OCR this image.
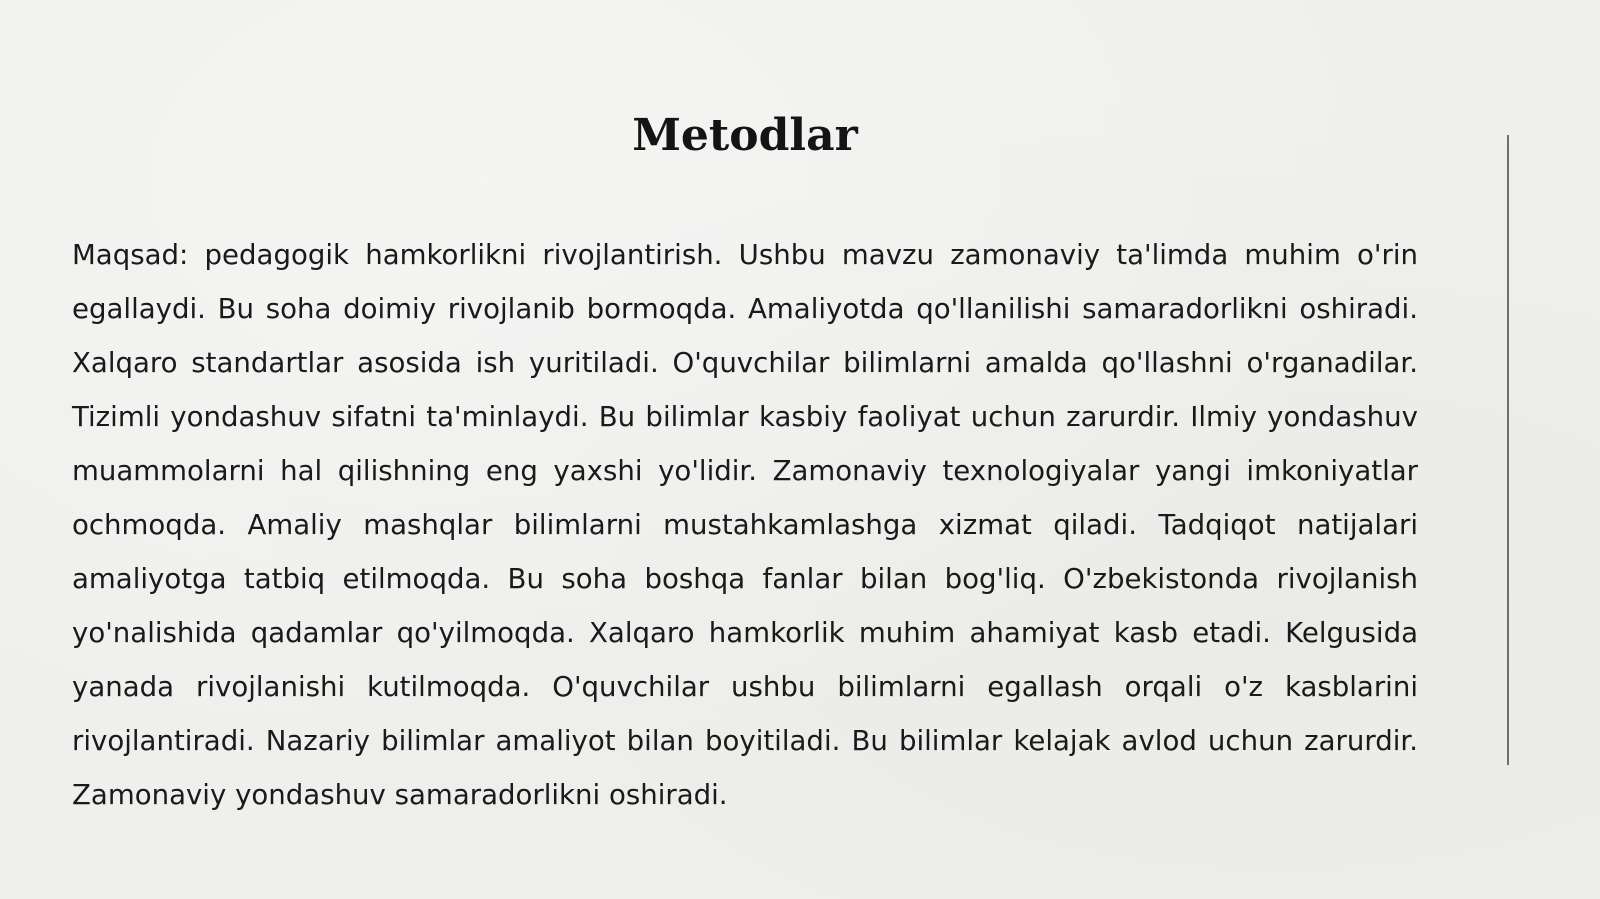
Metodlar

Maqsad: pedagogik hamkorlikni rivojlantirish. Ushbu mavzu zamonaviy ta'limda muhim o'rin egallaydi. Bu soha doimiy rivojlanib bormoqda. Amaliyotda qo'llanilishi samaradorlikni oshiradi. Xalqaro standartlar asosida ish yuritiladi. O'quvchilar bilimlarni amalda qo'llashni o'rganadilar. Tizimli yondashuv sifatni ta'minlaydi. Bu bilimlar kasbiy faoliyat uchun zarurdir. Ilmiy yondashuv muammolarni hal qilishning eng yaxshi yo'lidir. Zamonaviy texnologiyalar yangi imkoniyatlar ochmoqda. Amaliy mashqlar bilimlarni mustahkamlashga xizmat qiladi. Tadqiqot natijalari amaliyotga tatbiq etilmoqda. Bu soha boshqa fanlar bilan bog'liq. O'zbekistonda rivojlanish yo'nalishida qadamlar qo'yilmoqda. Xalqaro hamkorlik muhim ahamiyat kasb etadi. Kelgusida yanada rivojlanishi kutilmoqda. O'quvchilar ushbu bilimlarni egallash orqali o'z kasblarini rivojlantiradi. Nazariy bilimlar amaliyot bilan boyitiladi. Bu bilimlar kelajak avlod uchun zarurdir. Zamonaviy yondashuv samaradorlikni oshiradi.
